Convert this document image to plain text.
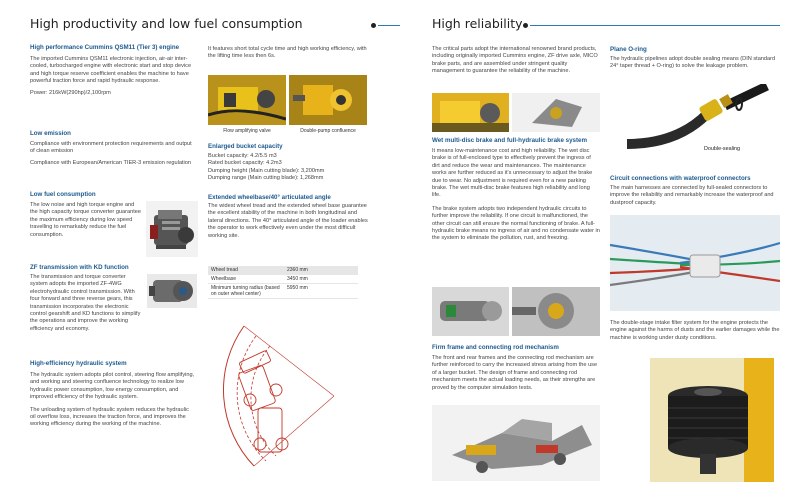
High productivity and low fuel consumption
High performance Cummins QSM11 (Tier 3) engine
The imported Cummins QSM11 electronic injection, air-air inter-cooled, turbocharged engine with electronic start and stop device and high torque reserve coefficient enables the machine to have powerful traction force and rapid hydraulic response.
Power: 216kW(290hp)/2,100rpm
Low emission
Compliance with environment protection requirements and output of clean emission
Compliance with European/American TIER-3 emission regulation
Low fuel consumption
The low noise and high torque engine and the high capacity torque converter guarantee the maximum efficiency during low speed travelling to remarkably reduce the fuel consumption.
ZF transmission with KD function
The transmission and torque converter system adopts the imported ZF-4WG electrohydraulic control transmission. With four forward and three reverse gears, this transmission incorporates the electronic control gearshift and KD functions to simplify the operations and improve the working efficiency and economy.
High-efficiency hydraulic system
The hydraulic system adopts pilot control, steering flow amplifying, and working and steering confluence technology to realize low hydraulic power consumption, low energy consumption, and improved efficiency of the hydraulic system.
The unloading system of hydraulic system reduces the hydraulic oil overflow loss, increases the traction force, and improves the working efficiency during the working of the machine.
It features short total cycle time and high working efficiency, with the lifting time less then 6s.
Flow amplifying valve	Double-pump confluence
Enlarged bucket capacity
Bucket capacity: 4.2/5.5 m3
Rated bucket capacity: 4.2m3
Dumping height (Main cutting blade): 3,200mm
Dumping range (Main cutting blade): 1,268mm
Extended wheelbase/40° articulated angle
The widest wheel tread and the extended wheel base guarantee the excellent stability of the machine in both longitudinal and lateral directions. The 40° articulated angle of the loader enables the operator to work effectively even under the most difficult working site.
Wheel tread	2360 mm
Wheelbase	3450 mm
Minimum turning radius (based on outer wheel center)	5950 mm
High reliability
The critical parts adopt the international renowned brand products, including originally imported Cummins engine, ZF drive axle, MICO brake parts, and are assembled under stringent quality management to guarantee the reliability of the machine.
Wet multi-disc brake and full-hydraulic brake system
It means low-maintenance cost and high reliability. The wet disc brake is of full-enclosed type to effectively prevent the ingress of dirt and reduce the wear and maintenances. The maintenance works are further reduced as it's unnecessary to adjust the brake due to wear. No adjustment is required even for a new parking brake. The wet multi-disc brake features high reliability and long life.
The brake system adopts two independent hydraulic circuits to further improve the reliability. If one circuit is malfunctioned, the other circuit can still ensure the normal functioning of brake. A full-hydraulic brake means no ingress of air and no condensate water in the system to eliminate the pollution, rust, and freezing.
Firm frame and connecting rod mechanism
The front and rear frames and the connecting rod mechanism are further reinforced to carry the increased stress arising from the use of a larger bucket. The design of frame and connecting rod mechanism meets the actual loading needs, as their strengths are proved by the computer simulation tests.
Plane O-ring
The hydraulic pipelines adopt double sealing means (DIN standard 24° taper thread + O-ring) to solve the leakage problem.
Double-sealing
Circuit connections with waterproof connectors
The main harnesses are connected by full-sealed connectors to improve the reliability and remarkably increase the waterproof and dustproof capacity.
The double-stage intake filter system for the engine protects the engine against the harms of dusts and the earlier damages while the machine is working under dusty conditions.
